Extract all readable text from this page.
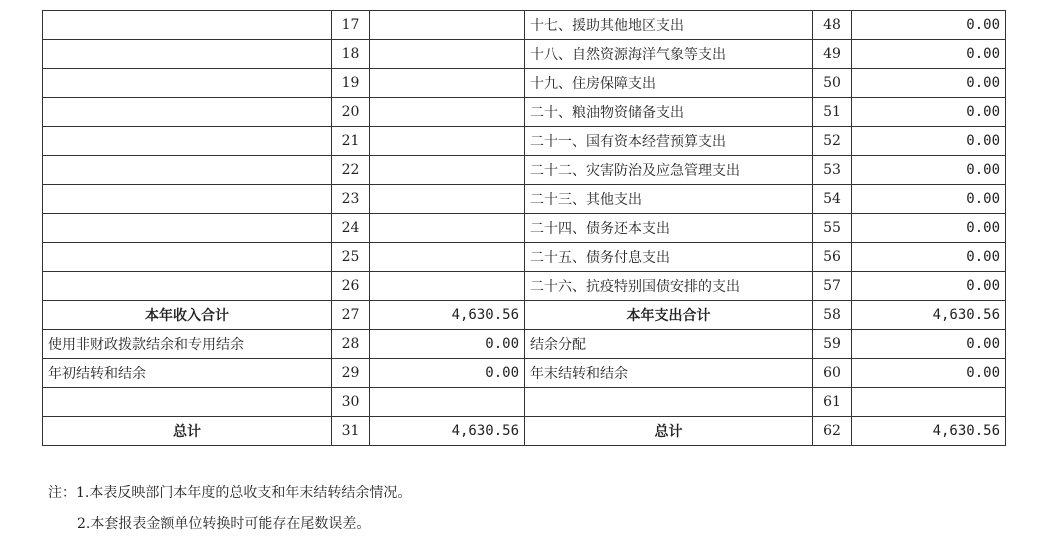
	17		十七、援助其他地区支出	48	0.00
	18		十八、自然资源海洋气象等支出	49	0.00
	19		十九、住房保障支出	50	0.00
	20		二十、粮油物资储备支出	51	0.00
	21		二十一、国有资本经营预算支出	52	0.00
	22		二十二、灾害防治及应急管理支出	53	0.00
	23		二十三、其他支出	54	0.00
	24		二十四、债务还本支出	55	0.00
	25		二十五、债务付息支出	56	0.00
	26		二十六、抗疫特别国债安排的支出	57	0.00
本年收入合计	27	4,630.56	本年支出合计	58	4,630.56
使用非财政拨款结余和专用结余	28	0.00	结余分配	59	0.00
年初结转和结余	29	0.00	年末结转和结余	60	0.00
	30			61	
总计	31	4,630.56	总计	62	4,630.56
注：1.本表反映部门本年度的总收支和年末结转结余情况。
2.本套报表金额单位转换时可能存在尾数误差。
